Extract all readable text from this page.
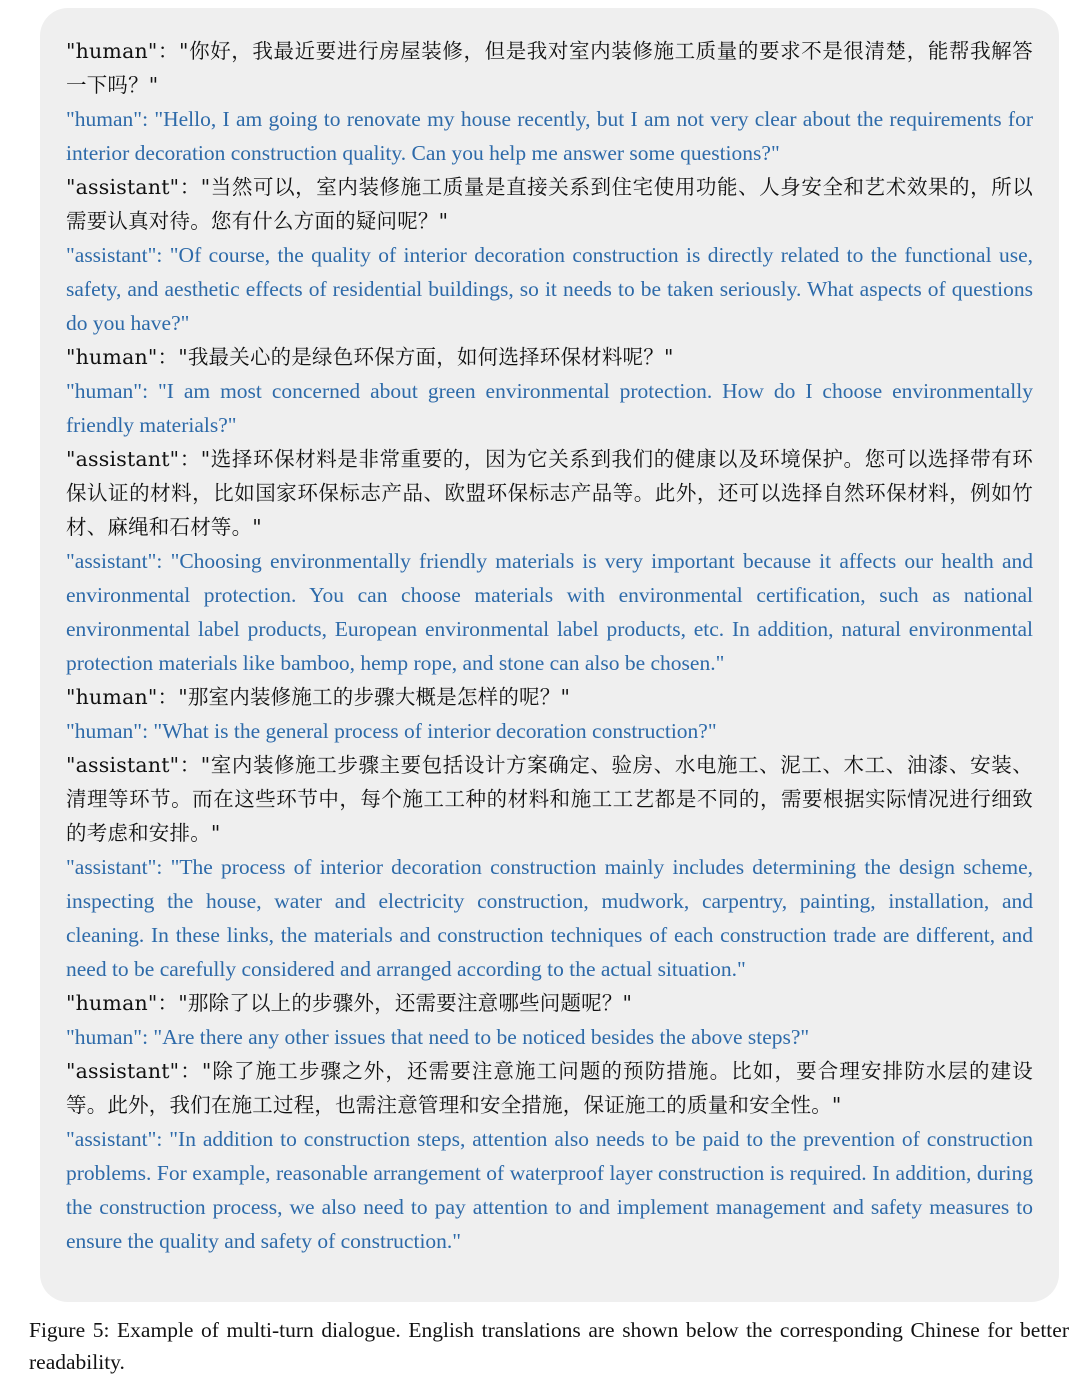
"human"："你好，我最近要进行房屋装修，但是我对室内装修施工质量的要求不是很清楚，能帮我解答一下吗？"

"human": "Hello, I am going to renovate my house recently, but I am not very clear about the requirements for interior decoration construction quality. Can you help me answer some questions?"

"assistant"："当然可以，室内装修施工质量是直接关系到住宅使用功能、人身安全和艺术效果的，所以需要认真对待。您有什么方面的疑问呢？"

"assistant": "Of course, the quality of interior decoration construction is directly related to the functional use, safety, and aesthetic effects of residential buildings, so it needs to be taken seriously. What aspects of questions do you have?"

"human"："我最关心的是绿色环保方面，如何选择环保材料呢？"

"human": "I am most concerned about green environmental protection. How do I choose environmentally friendly materials?"

"assistant"："选择环保材料是非常重要的，因为它关系到我们的健康以及环境保护。您可以选择带有环保认证的材料，比如国家环保标志产品、欧盟环保标志产品等。此外，还可以选择自然环保材料，例如竹材、麻绳和石材等。"

"assistant": "Choosing environmentally friendly materials is very important because it affects our health and environmental protection. You can choose materials with environmental certification, such as national environmental label products, European environmental label products, etc. In addition, natural environmental protection materials like bamboo, hemp rope, and stone can also be chosen."

"human"："那室内装修施工的步骤大概是怎样的呢？"

"human": "What is the general process of interior decoration construction?"

"assistant"："室内装修施工步骤主要包括设计方案确定、验房、水电施工、泥工、木工、油漆、安装、清理等环节。而在这些环节中，每个施工工种的材料和施工工艺都是不同的，需要根据实际情况进行细致的考虑和安排。"

"assistant": "The process of interior decoration construction mainly includes determining the design scheme, inspecting the house, water and electricity construction, mudwork, carpentry, painting, installation, and cleaning. In these links, the materials and construction techniques of each construction trade are different, and need to be carefully considered and arranged according to the actual situation."

"human"："那除了以上的步骤外，还需要注意哪些问题呢？"

"human": "Are there any other issues that need to be noticed besides the above steps?"

"assistant"："除了施工步骤之外，还需要注意施工问题的预防措施。比如，要合理安排防水层的建设等。此外，我们在施工过程，也需注意管理和安全措施，保证施工的质量和安全性。"

"assistant": "In addition to construction steps, attention also needs to be paid to the prevention of construction problems. For example, reasonable arrangement of waterproof layer construction is required. In addition, during the construction process, we also need to pay attention to and implement management and safety measures to ensure the quality and safety of construction."

Figure 5: Example of multi-turn dialogue. English translations are shown below the corresponding Chinese for better readability.
